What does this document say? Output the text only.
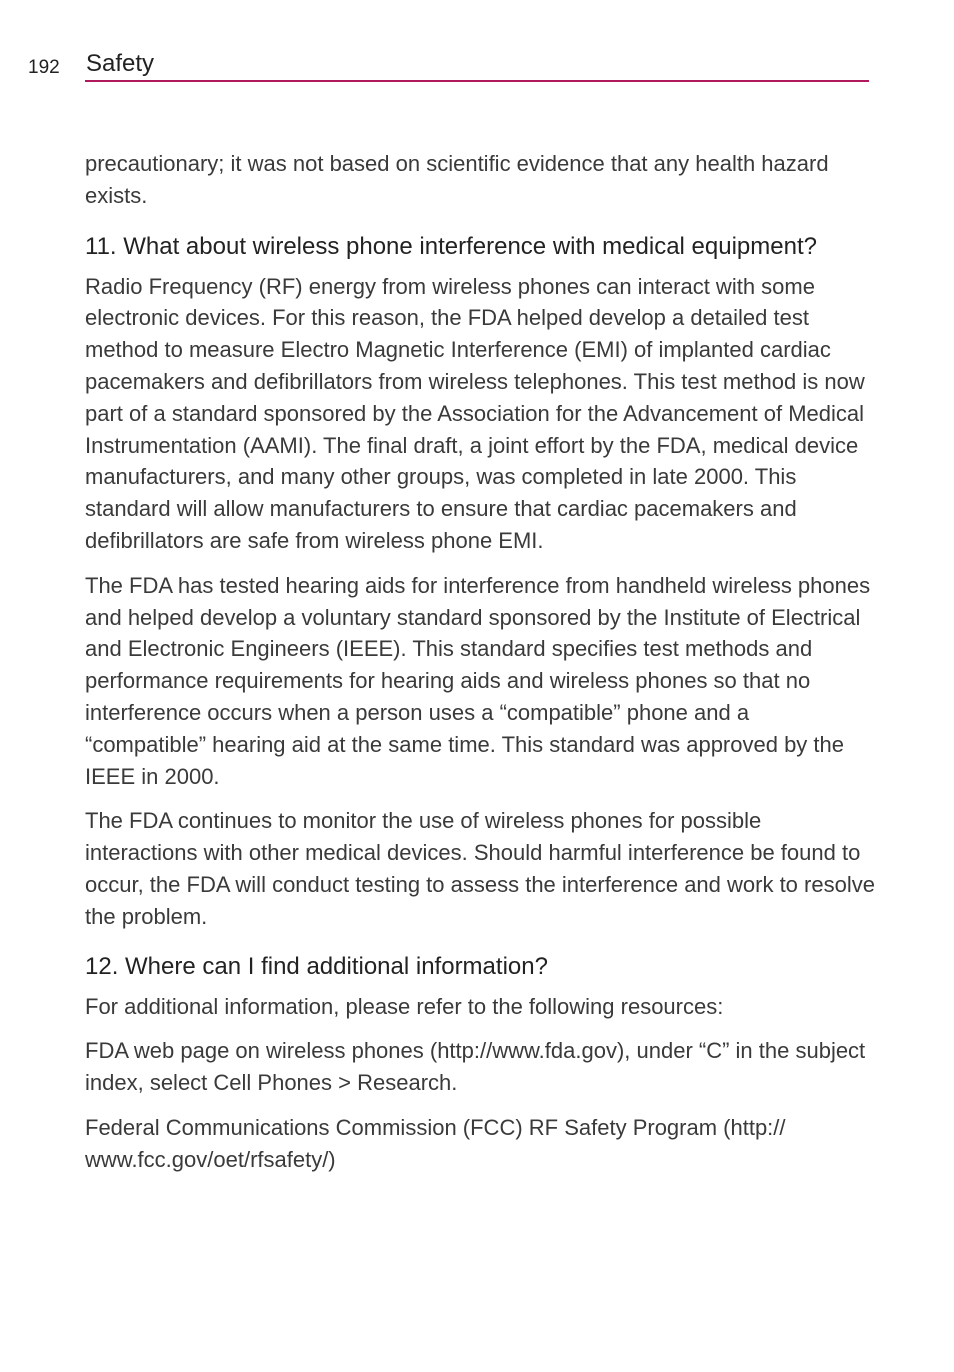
192 Safety

precautionary; it was not based on scientific evidence that any health hazard exists.

11. What about wireless phone interference with medical equipment?

Radio Frequency (RF) energy from wireless phones can interact with some electronic devices. For this reason, the FDA helped develop a detailed test method to measure Electro Magnetic Interference (EMI) of implanted cardiac pacemakers and defibrillators from wireless telephones. This test method is now part of a standard sponsored by the Association for the Advancement of Medical Instrumentation (AAMI). The final draft, a joint effort by the FDA, medical device manufacturers, and many other groups, was completed in late 2000. This standard will allow manufacturers to ensure that cardiac pacemakers and defibrillators are safe from wireless phone EMI.

The FDA has tested hearing aids for interference from handheld wireless phones and helped develop a voluntary standard sponsored by the Institute of Electrical and Electronic Engineers (IEEE). This standard specifies test methods and performance requirements for hearing aids and wireless phones so that no interference occurs when a person uses a “compatible” phone and a “compatible” hearing aid at the same time. This standard was approved by the IEEE in 2000.

The FDA continues to monitor the use of wireless phones for possible interactions with other medical devices. Should harmful interference be found to occur, the FDA will conduct testing to assess the interference and work to resolve the problem.

12. Where can I find additional information?

For additional information, please refer to the following resources:

FDA web page on wireless phones (http://www.fda.gov), under “C” in the subject index, select Cell Phones > Research.

Federal Communications Commission (FCC) RF Safety Program (http:// www.fcc.gov/oet/rfsafety/)
